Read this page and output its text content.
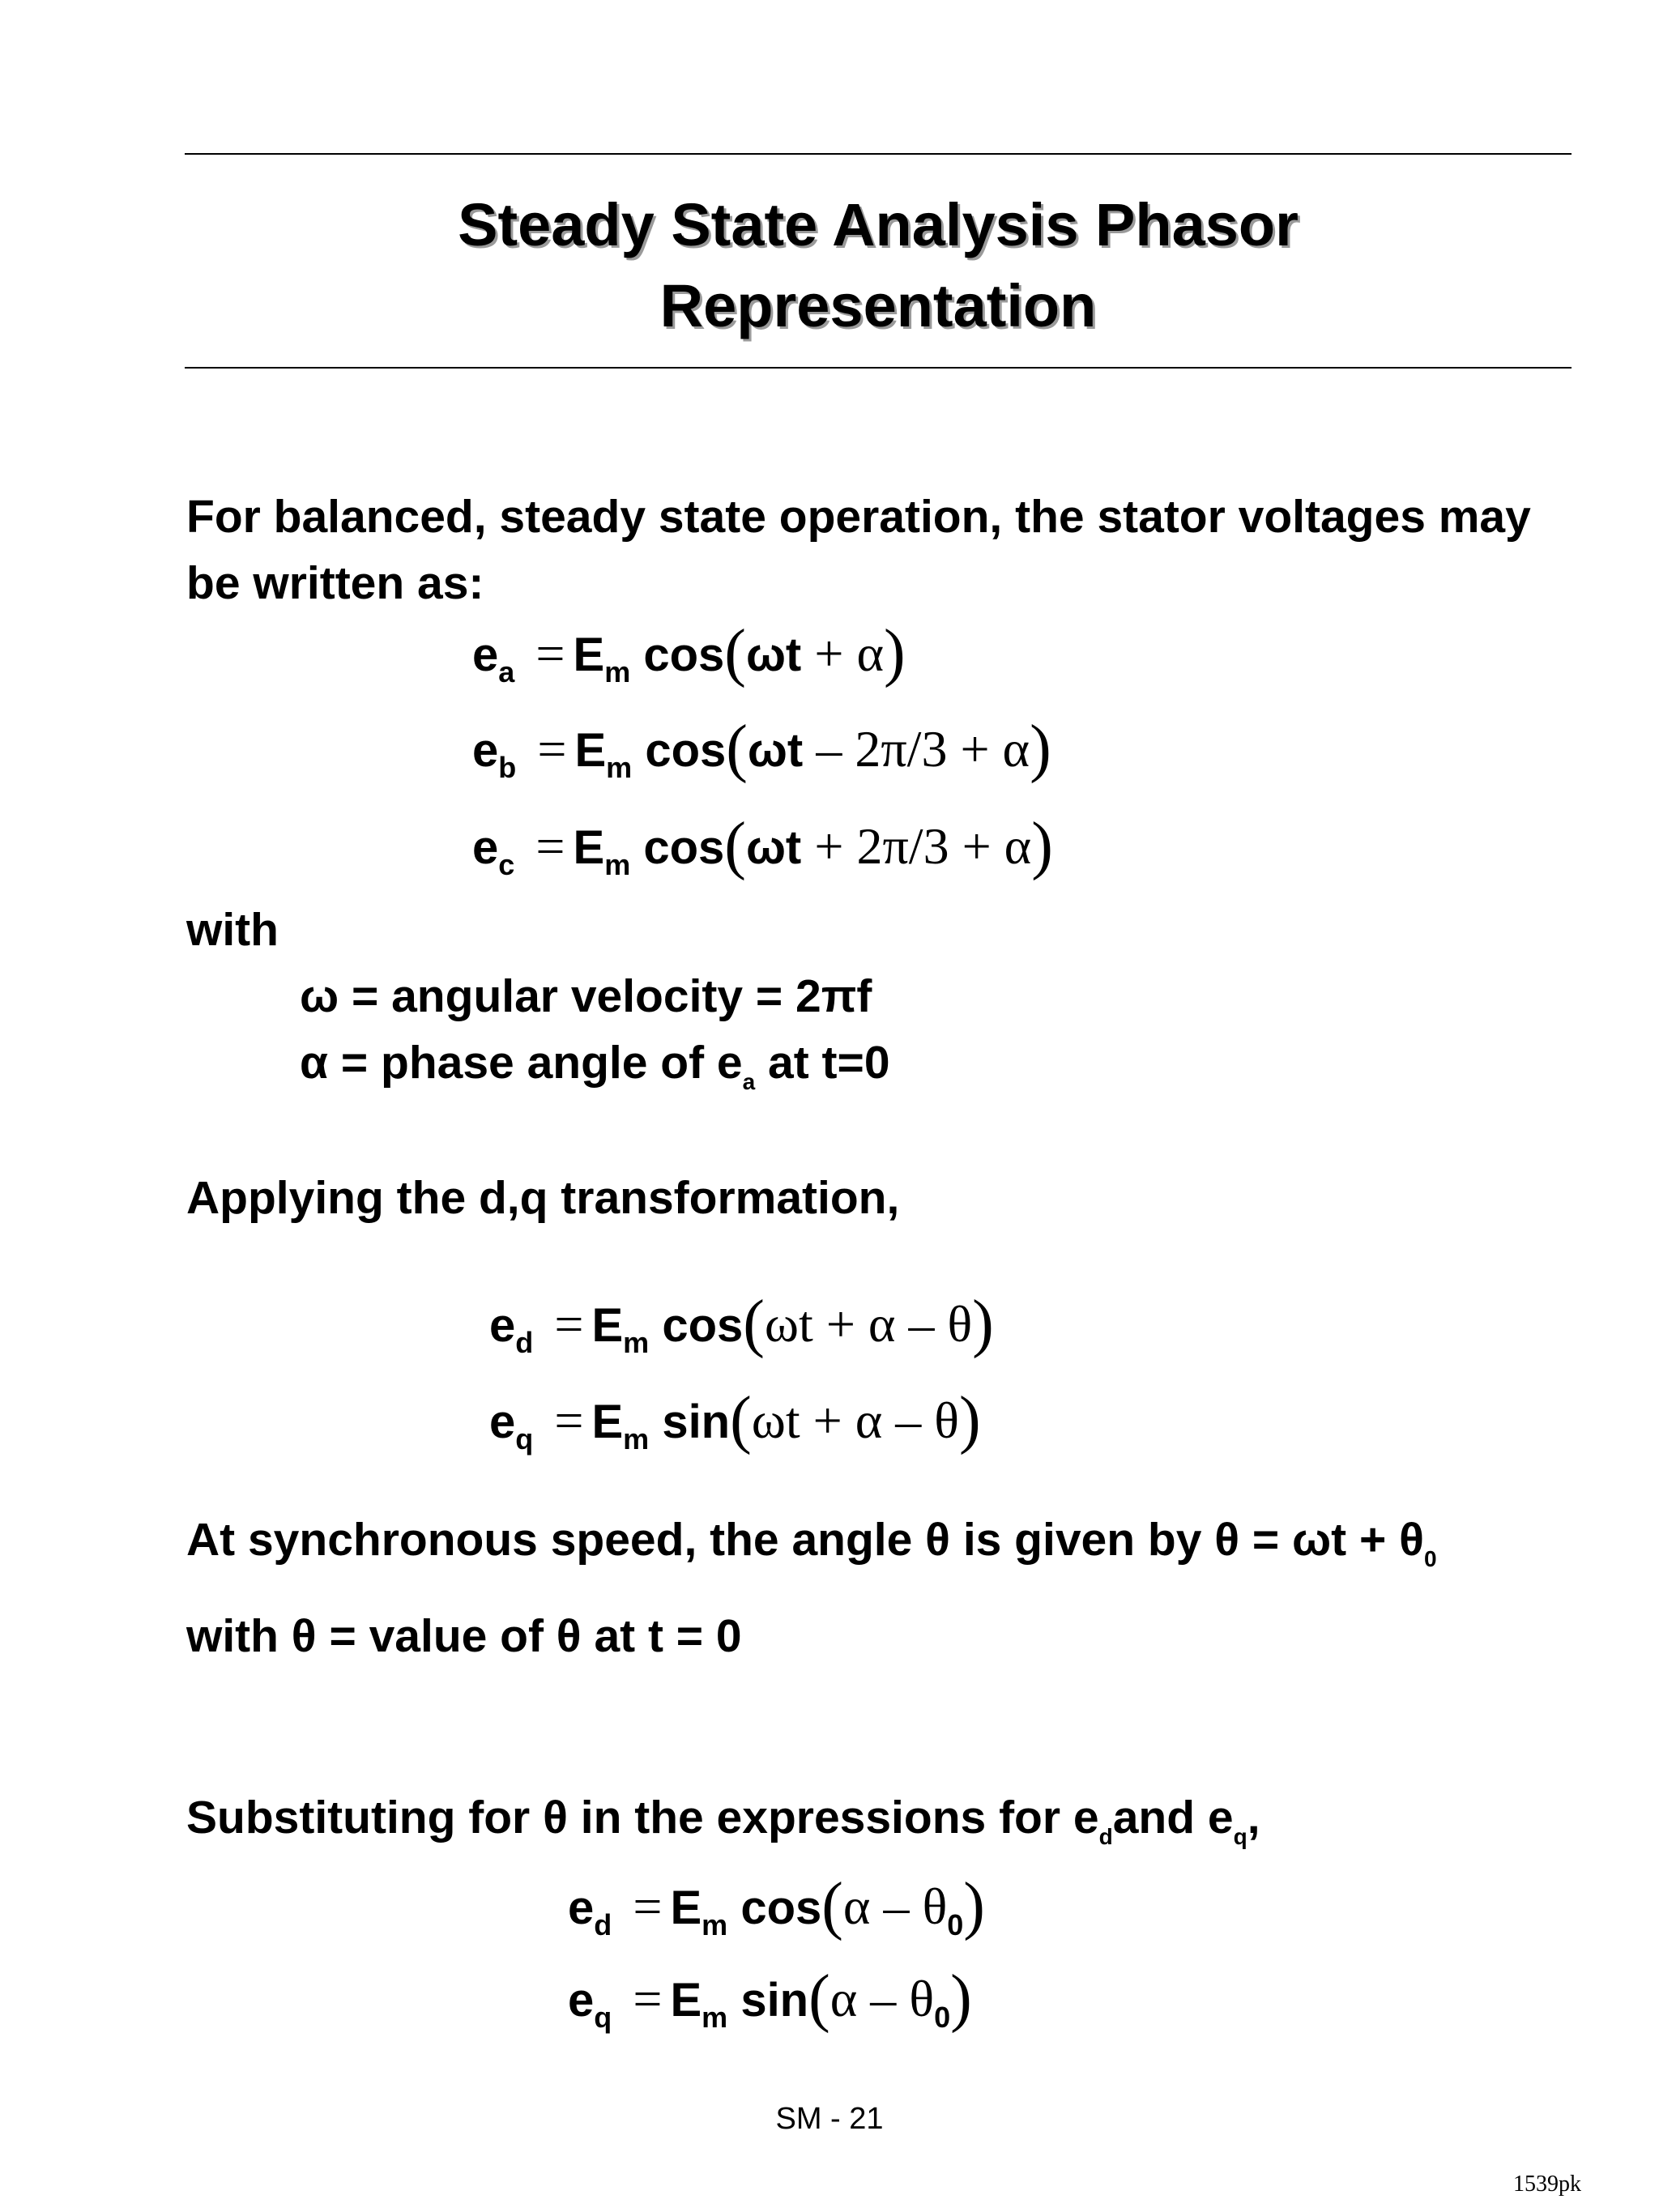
Steady State Analysis Phasor
Representation
For balanced, steady state operation, the stator voltages may
be written as:
$e_a = E_m$ cos(ωt + α)
$e_b = E_m$ cos(ωt – 2π/3 + α)
$e_c = E_m$ cos(ωt + 2π/3 + α)
with
ω = angular velocity = 2πf
α = phase angle of $e_a$ at t=0
Applying the d,q transformation,
$e_d = E_m$ cos(ωt + α – θ)
$e_q = E_m$ sin(ωt + α – θ)
At synchronous speed, the angle θ is given by $\theta = \omega t + \theta_0$
with θ = value of θ at t = 0
Substituting for θ in the expressions for $e_dand$ $e_q$,
$e_d = E_m$ $\cos(\alpha - \theta_0)$
$e_q = E_m$ $\sin(\alpha - \theta_0)$
SM - 21
1539pk
